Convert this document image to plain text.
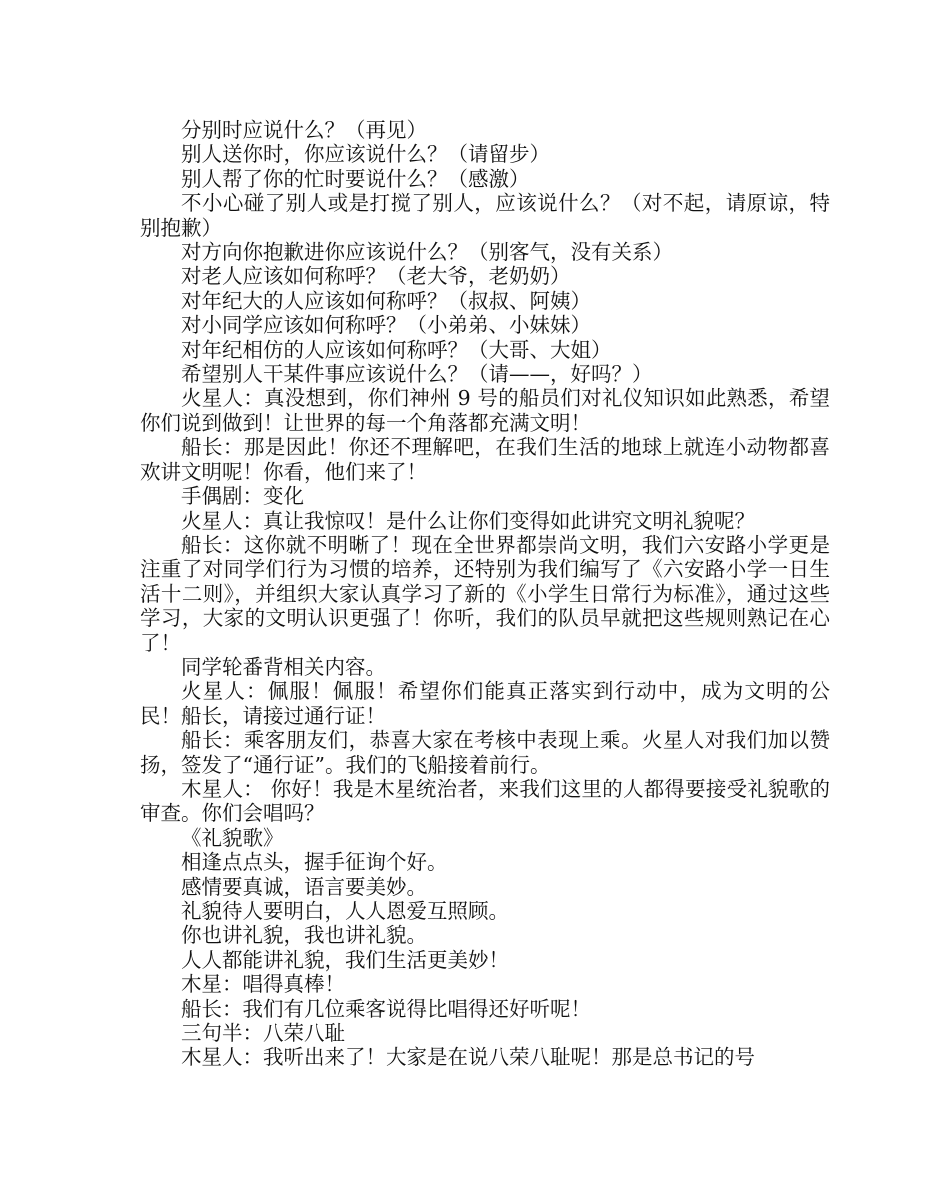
分别时应说什么？（再见）

别人送你时，你应该说什么？（请留步）

别人帮了你的忙时要说什么？（感激）

不小心碰了别人或是打搅了别人，应该说什么？（对不起，请原谅，特别抱歉）

对方向你抱歉进你应该说什么？（别客气，没有关系）

对老人应该如何称呼？（老大爷，老奶奶）

对年纪大的人应该如何称呼？（叔叔、阿姨）

对小同学应该如何称呼？（小弟弟、小妹妹）

对年纪相仿的人应该如何称呼？（大哥、大姐）

希望别人干某件事应该说什么？（请——，好吗？）

火星人：真没想到，你们神州 9 号的船员们对礼仪知识如此熟悉，希望你们说到做到！让世界的每一个角落都充满文明！

船长：那是因此！你还不理解吧，在我们生活的地球上就连小动物都喜欢讲文明呢！你看，他们来了！

手偶剧：变化

火星人：真让我惊叹！是什么让你们变得如此讲究文明礼貌呢？

船长：这你就不明晰了！现在全世界都崇尚文明，我们六安路小学更是注重了对同学们行为习惯的培养，还特别为我们编写了《六安路小学一日生活十二则》，并组织大家认真学习了新的《小学生日常行为标准》，通过这些学习，大家的文明认识更强了！你听，我们的队员早就把这些规则熟记在心了！

同学轮番背相关内容。

火星人：佩服！佩服！希望你们能真正落实到行动中，成为文明的公民！船长，请接过通行证！

船长：乘客朋友们，恭喜大家在考核中表现上乘。火星人对我们加以赞扬，签发了“通行证”。我们的飞船接着前行。

木星人： 你好！我是木星统治者，来我们这里的人都得要接受礼貌歌的审查。你们会唱吗？

《礼貌歌》

相逢点点头，握手征询个好。

感情要真诚，语言要美妙。

礼貌待人要明白，人人恩爱互照顾。

你也讲礼貌，我也讲礼貌。

人人都能讲礼貌，我们生活更美妙！

木星：唱得真棒！

船长：我们有几位乘客说得比唱得还好听呢！

三句半：八荣八耻

木星人：我听出来了！大家是在说八荣八耻呢！那是总书记的号
